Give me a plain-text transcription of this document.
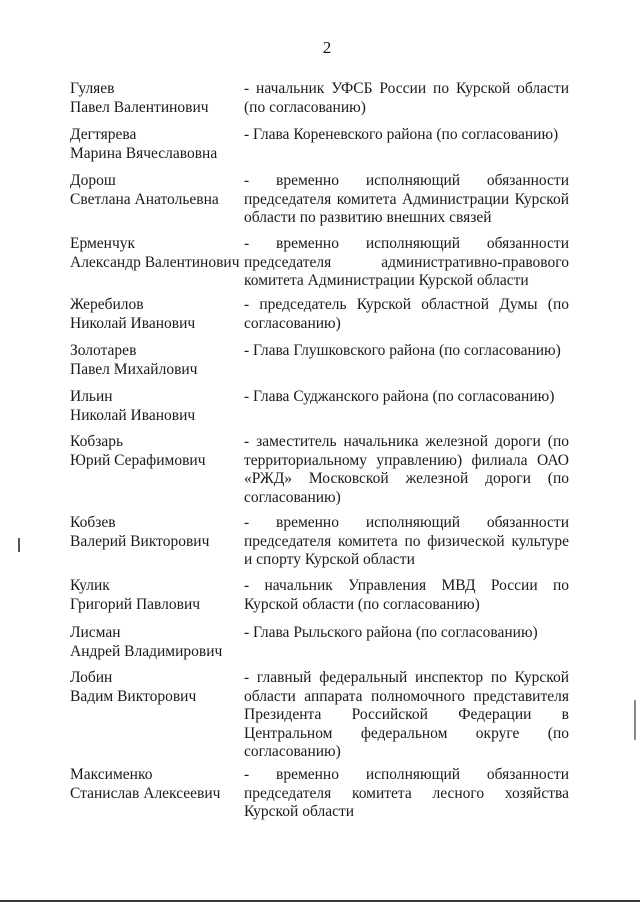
2
Гуляев
Павел Валентинович
- начальник УФСБ России по Курской области (по согласованию)
Дегтярева
Марина Вячеславовна
- Глава Кореневского района (по согласованию)
Дорош
Светлана Анатольевна
- временно исполняющий обязанности председателя комитета Администрации Курской области по развитию внешних связей
Ерменчук
Александр Валентинович
- временно исполняющий обязанности председателя административно-правового комитета Администрации Курской области
Жеребилов
Николай Иванович
- председатель Курской областной Думы (по согласованию)
Золотарев
Павел Михайлович
- Глава Глушковского района (по согласованию)
Ильин
Николай Иванович
- Глава Суджанского района (по согласованию)
Кобзарь
Юрий Серафимович
- заместитель начальника железной дороги (по территориальному управлению) филиала ОАО «РЖД» Московской железной дороги (по согласованию)
Кобзев
Валерий Викторович
- временно исполняющий обязанности председателя комитета по физической культуре и спорту Курской области
Кулик
Григорий Павлович
- начальник Управления МВД России по Курской области (по согласованию)
Лисман
Андрей Владимирович
- Глава Рыльского района (по согласованию)
Лобин
Вадим Викторович
- главный федеральный инспектор по Курской области аппарата полномочного представителя Президента Российской Федерации в Центральном федеральном округе (по согласованию)
Максименко
Станислав Алексеевич
- временно исполняющий обязанности председателя комитета лесного хозяйства Курской области
